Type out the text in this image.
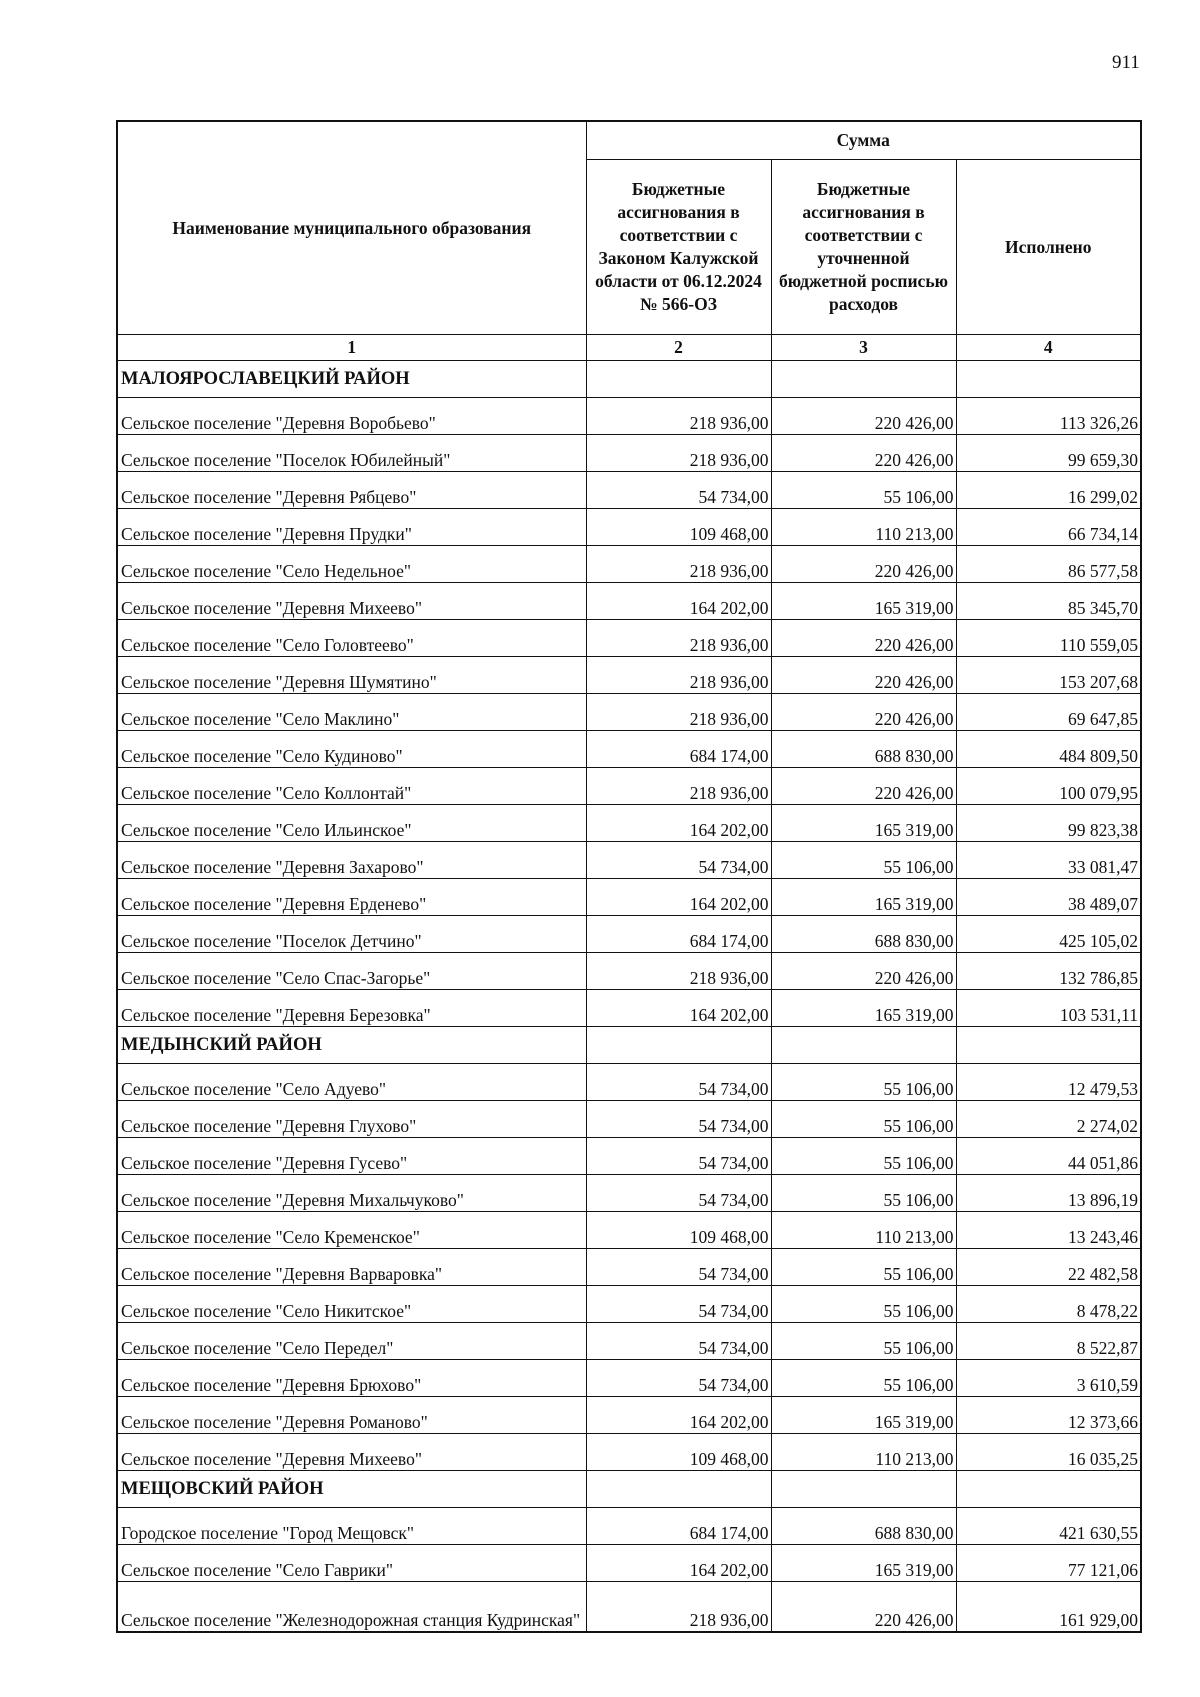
911
Наименование муниципального образования	Сумма		
	Бюджетные ассигнования в соответствии с Законом Калужской области от 06.12.2024 № 566-ОЗ	Бюджетные ассигнования в соответствии с уточненной бюджетной росписью расходов	Исполнено
1	2	3	4
МАЛОЯРОСЛАВЕЦКИЙ РАЙОН			
Сельское поселение "Деревня Воробьево"	218 936,00	220 426,00	113 326,26
Сельское поселение "Поселок Юбилейный"	218 936,00	220 426,00	99 659,30
Сельское поселение "Деревня Рябцево"	54 734,00	55 106,00	16 299,02
Сельское поселение "Деревня Прудки"	109 468,00	110 213,00	66 734,14
Сельское поселение "Село Недельное"	218 936,00	220 426,00	86 577,58
Сельское поселение "Деревня Михеево"	164 202,00	165 319,00	85 345,70
Сельское поселение "Село Головтеево"	218 936,00	220 426,00	110 559,05
Сельское поселение "Деревня Шумятино"	218 936,00	220 426,00	153 207,68
Сельское поселение "Село Маклино"	218 936,00	220 426,00	69 647,85
Сельское поселение "Село Кудиново"	684 174,00	688 830,00	484 809,50
Сельское поселение "Село Коллонтай"	218 936,00	220 426,00	100 079,95
Сельское поселение "Село Ильинское"	164 202,00	165 319,00	99 823,38
Сельское поселение "Деревня Захарово"	54 734,00	55 106,00	33 081,47
Сельское поселение "Деревня Ерденево"	164 202,00	165 319,00	38 489,07
Сельское поселение "Поселок Детчино"	684 174,00	688 830,00	425 105,02
Сельское поселение "Село Спас-Загорье"	218 936,00	220 426,00	132 786,85
Сельское поселение "Деревня Березовка"	164 202,00	165 319,00	103 531,11
МЕДЫНСКИЙ РАЙОН			
Сельское поселение "Село Адуево"	54 734,00	55 106,00	12 479,53
Сельское поселение "Деревня Глухово"	54 734,00	55 106,00	2 274,02
Сельское поселение "Деревня Гусево"	54 734,00	55 106,00	44 051,86
Сельское поселение "Деревня Михальчуково"	54 734,00	55 106,00	13 896,19
Сельское поселение "Село Кременское"	109 468,00	110 213,00	13 243,46
Сельское поселение "Деревня Варваровка"	54 734,00	55 106,00	22 482,58
Сельское поселение "Село Никитское"	54 734,00	55 106,00	8 478,22
Сельское поселение "Село Передел"	54 734,00	55 106,00	8 522,87
Сельское поселение "Деревня Брюхово"	54 734,00	55 106,00	3 610,59
Сельское поселение "Деревня Романово"	164 202,00	165 319,00	12 373,66
Сельское поселение "Деревня Михеево"	109 468,00	110 213,00	16 035,25
МЕЩОВСКИЙ РАЙОН			
Городское поселение "Город Мещовск"	684 174,00	688 830,00	421 630,55
Сельское поселение "Село Гаврики"	164 202,00	165 319,00	77 121,06
Сельское поселение "Железнодорожная станция Кудринская"	218 936,00	220 426,00	161 929,00
